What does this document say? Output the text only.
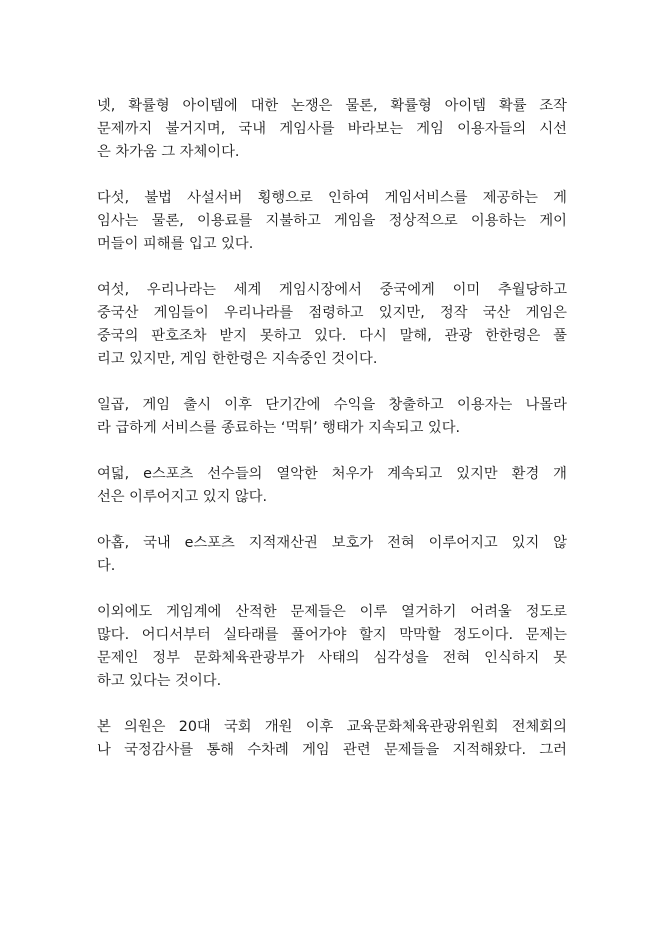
넷, 확률형 아이템에 대한 논쟁은 물론, 확률형 아이템 확률 조작
문제까지 불거지며, 국내 게임사를 바라보는 게임 이용자들의 시선
은 차가움 그 자체이다.
다섯, 불법 사설서버 횡행으로 인하여 게임서비스를 제공하는 게
임사는 물론, 이용료를 지불하고 게임을 정상적으로 이용하는 게이
머들이 피해를 입고 있다.
여섯, 우리나라는 세계 게임시장에서 중국에게 이미 추월당하고
중국산 게임들이 우리나라를 점령하고 있지만, 정작 국산 게임은
중국의 판호조차 받지 못하고 있다. 다시 말해, 관광 한한령은 풀
리고 있지만, 게임 한한령은 지속중인 것이다.
일곱, 게임 출시 이후 단기간에 수익을 창출하고 이용자는 나몰라
라 급하게 서비스를 종료하는 ‘먹튀’ 행태가 지속되고 있다.
여덟, e스포츠 선수들의 열악한 처우가 계속되고 있지만 환경 개
선은 이루어지고 있지 않다.
아홉, 국내 e스포츠 지적재산권 보호가 전혀 이루어지고 있지 않
다.
이외에도 게임계에 산적한 문제들은 이루 열거하기 어려울 정도로
많다. 어디서부터 실타래를 풀어가야 할지 막막할 정도이다. 문제는
문제인 정부 문화체육관광부가 사태의 심각성을 전혀 인식하지 못
하고 있다는 것이다.
본 의원은 20대 국회 개원 이후 교육문화체육관광위원회 전체회의
나 국정감사를 통해 수차례 게임 관련 문제들을 지적해왔다. 그러
